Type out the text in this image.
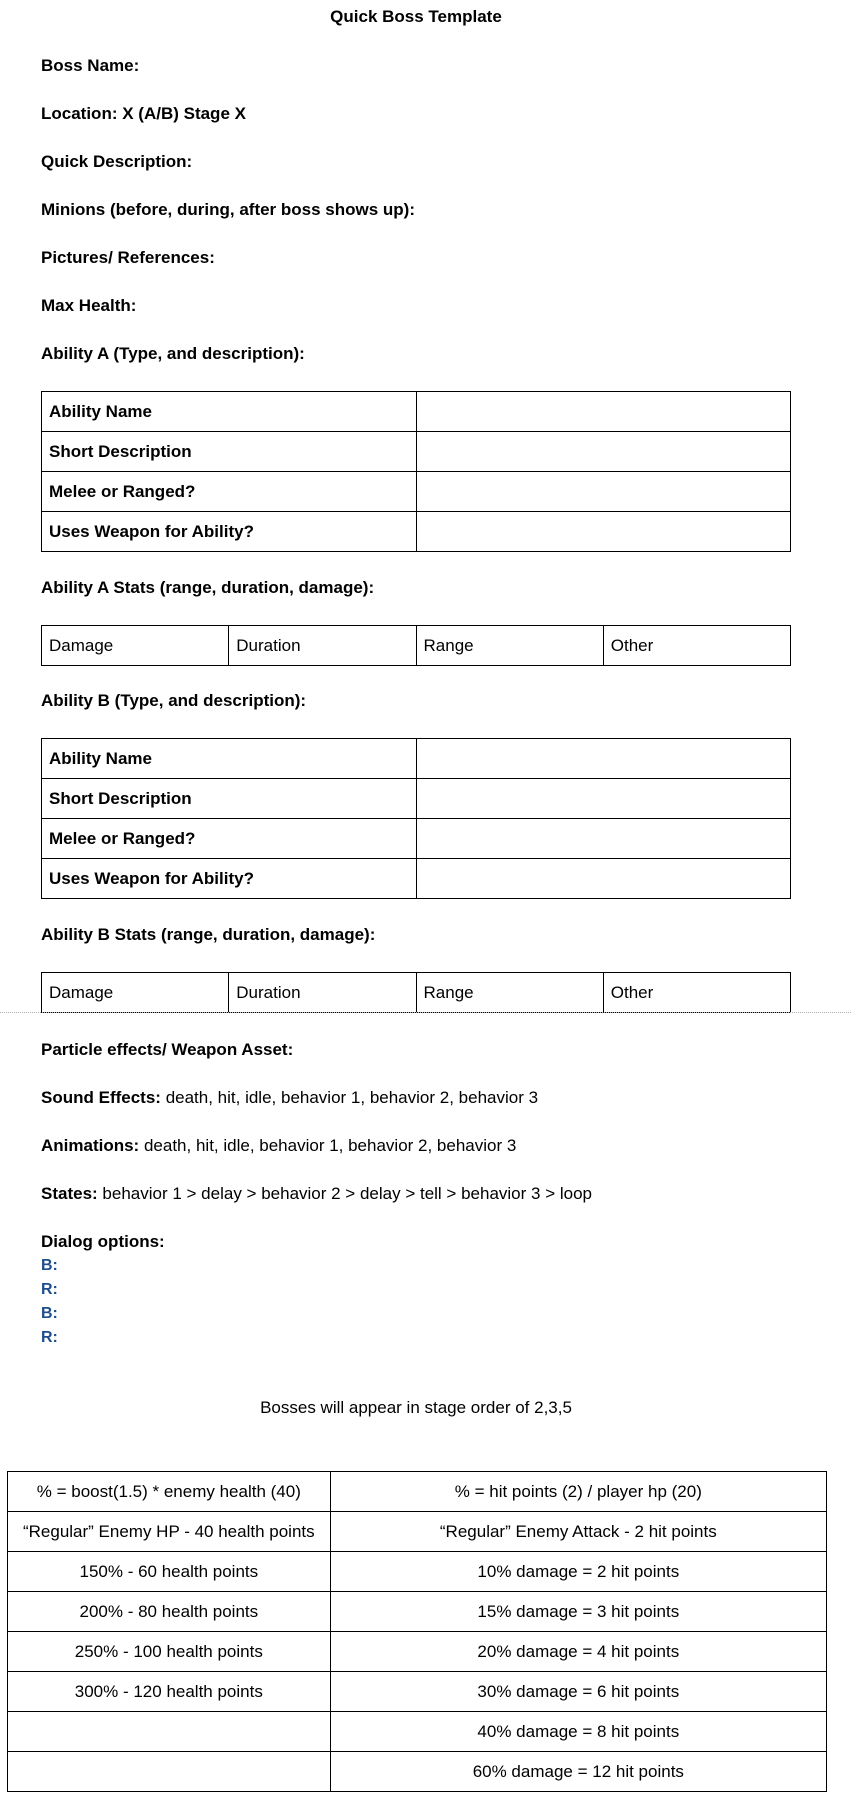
Quick Boss Template
Boss Name:
Location: X (A/B) Stage X
Quick Description:
Minions (before, during, after boss shows up):
Pictures/ References:
Max Health:
Ability A (Type, and description):
Ability Name	
Short Description	
Melee or Ranged?	
Uses Weapon for Ability?	
Ability A Stats (range, duration, damage):
Damage	Duration	Range	Other
Ability B (Type, and description):
Ability Name	
Short Description	
Melee or Ranged?	
Uses Weapon for Ability?	
Ability B Stats (range, duration, damage):
Damage	Duration	Range	Other
Particle effects/ Weapon Asset:
Sound Effects: death, hit, idle, behavior 1, behavior 2, behavior 3
Animations: death, hit, idle, behavior 1, behavior 2, behavior 3
States: behavior 1 > delay > behavior 2 > delay > tell > behavior 3 > loop
Dialog options:
B:
R:
B:
R:
Bosses will appear in stage order of 2,3,5
% = boost(1.5) * enemy health (40)	% = hit points (2) / player hp (20)
“Regular” Enemy HP - 40 health points	“Regular” Enemy Attack - 2 hit points
150% - 60 health points	10% damage = 2 hit points
200% - 80 health points	15% damage = 3 hit points
250% - 100 health points	20% damage = 4 hit points
300% - 120 health points	30% damage = 6 hit points
	40% damage = 8 hit points
	60% damage = 12 hit points
